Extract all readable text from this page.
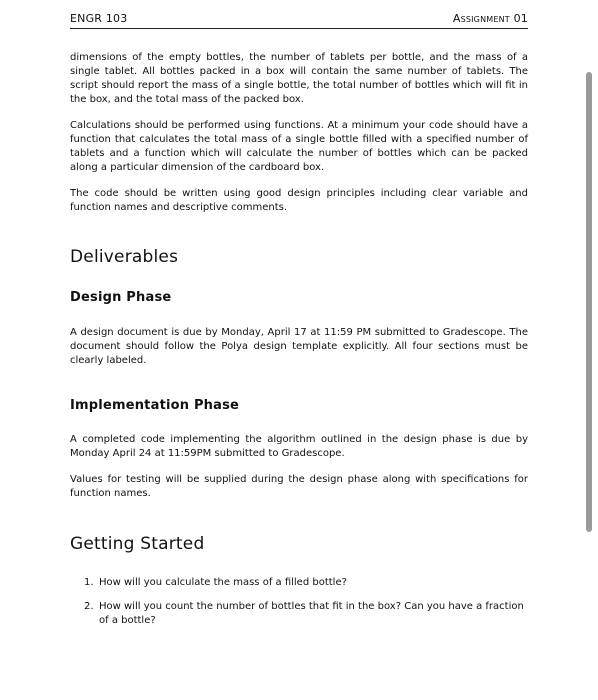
ENGR 103	Assignment 01

dimensions of the empty bottles, the number of tablets per bottle, and the mass of a single tablet. All bottles packed in a box will contain the same number of tablets. The script should report the mass of a single bottle, the total number of bottles which will fit in the box, and the total mass of the packed box.

Calculations should be performed using functions. At a minimum your code should have a function that calculates the total mass of a single bottle filled with a specified number of tablets and a function which will calculate the number of bottles which can be packed along a particular dimension of the cardboard box.

The code should be written using good design principles including clear variable and function names and descriptive comments.

Deliverables
Design Phase

A design document is due by Monday, April 17 at 11:59 PM submitted to Gradescope. The document should follow the Polya design template explicitly. All four sections must be clearly labeled.

Implementation Phase

A completed code implementing the algorithm outlined in the design phase is due by Monday April 24 at 11:59PM submitted to Gradescope.

Values for testing will be supplied during the design phase along with specifications for function names.

Getting Started
1. How will you calculate the mass of a filled bottle?
2. How will you count the number of bottles that fit in the box? Can you have a fraction of a bottle?
